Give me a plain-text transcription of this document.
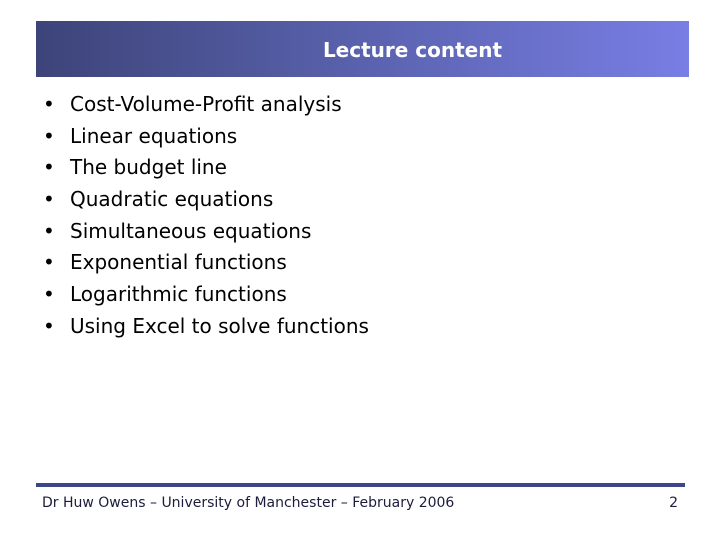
Lecture content
• Cost-Volume-Profit analysis
• Linear equations
• The budget line
• Quadratic equations
• Simultaneous equations
• Exponential functions
• Logarithmic functions
• Using Excel to solve functions
Dr Huw Owens – University of Manchester – February 2006	2
